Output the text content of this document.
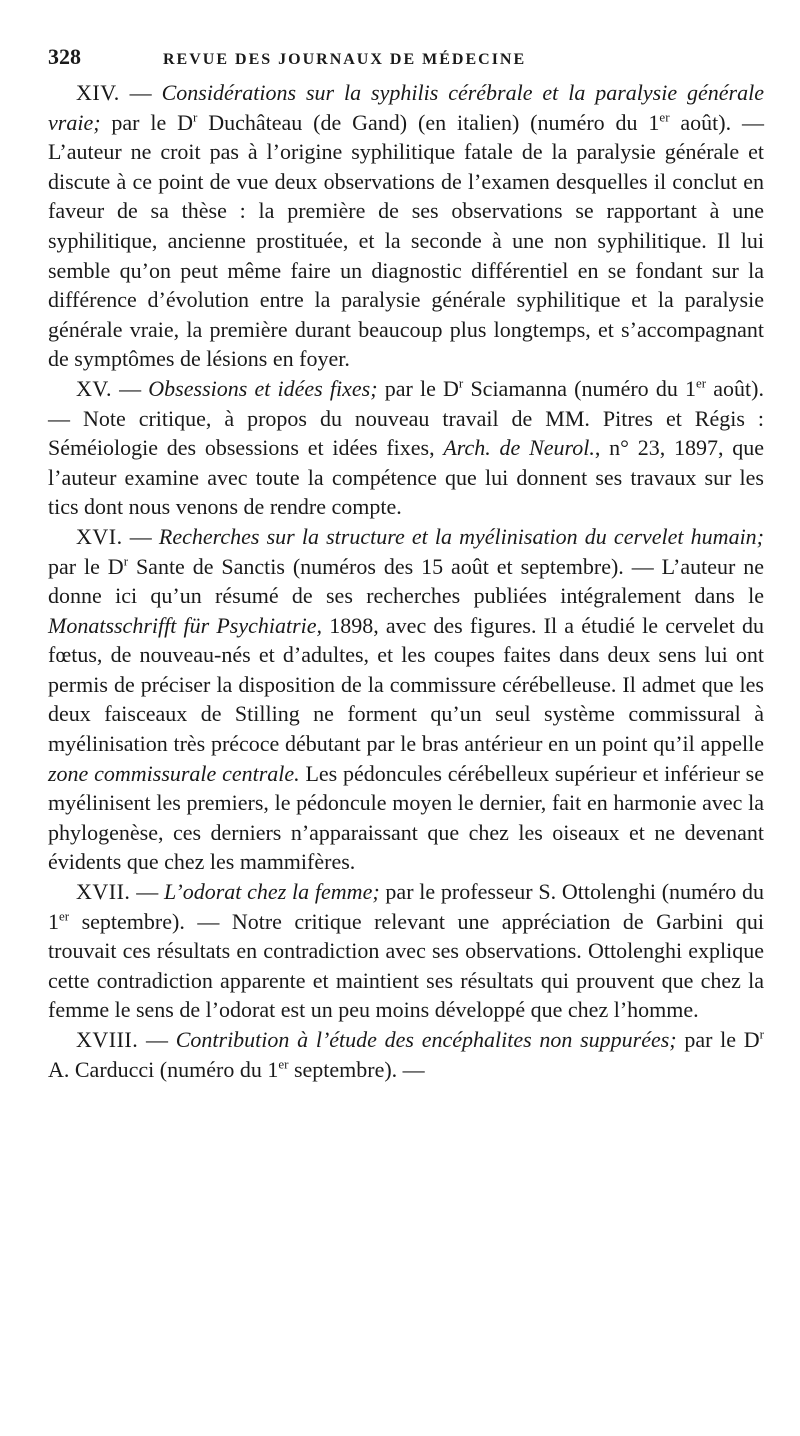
328	REVUE DES JOURNAUX DE MÉDECINE

XIV. — Considérations sur la syphilis cérébrale et la paralysie générale vraie; par le $D^r$ Duchâteau (de Gand) (en italien) (numéro du 1er août). — L’auteur ne croit pas à l’origine syphilitique fatale de la paralysie générale et discute à ce point de vue deux observations de l’examen desquelles il conclut en faveur de sa thèse : la première de ses observations se rapportant à une syphilitique, ancienne prostituée, et la seconde à une non syphilitique. Il lui semble qu’on peut même faire un diagnostic différentiel en se fondant sur la différence d’évolution entre la paralysie générale syphilitique et la paralysie générale vraie, la première durant beaucoup plus longtemps, et s’accompagnant de symptômes de lésions en foyer.

XV. — Obsessions et idées fixes; par le $D^r$ Sciamanna (numéro du 1er août). — Note critique, à propos du nouveau travail de MM. Pitres et Régis : Séméiologie des obsessions et idées fixes, Arch. de Neurol., n° 23, 1897, que l’auteur examine avec toute la compétence que lui donnent ses travaux sur les tics dont nous venons de rendre compte.

XVI. — Recherches sur la structure et la myélinisation du cervelet humain; par le $D^r$ Sante de Sanctis (numéros des 15 août et septembre). — L’auteur ne donne ici qu’un résumé de ses recherches publiées intégralement dans le Monatsschrifft für Psychiatrie, 1898, avec des figures. Il a étudié le cervelet du fœtus, de nouveau-nés et d’adultes, et les coupes faites dans deux sens lui ont permis de préciser la disposition de la commissure cérébelleuse. Il admet que les deux faisceaux de Stilling ne forment qu’un seul système commissural à myélinisation très précoce débutant par le bras antérieur en un point qu’il appelle zone commissurale centrale. Les pédoncules cérébelleux supérieur et inférieur se myélinisent les premiers, le pédoncule moyen le dernier, fait en harmonie avec la phylogenèse, ces derniers n’apparaissant que chez les oiseaux et ne devenant évidents que chez les mammifères.

XVII. — L’odorat chez la femme; par le professeur S. Ottolenghi (numéro du 1er septembre). — Notre critique relevant une appréciation de Garbini qui trouvait ces résultats en contradiction avec ses observations. Ottolenghi explique cette contradiction apparente et maintient ses résultats qui prouvent que chez la femme le sens de l’odorat est un peu moins développé que chez l’homme.

XVIII. — Contribution à l’étude des encéphalites non suppurées; par le $D^r$ A. Carducci (numéro du 1er septembre). —
